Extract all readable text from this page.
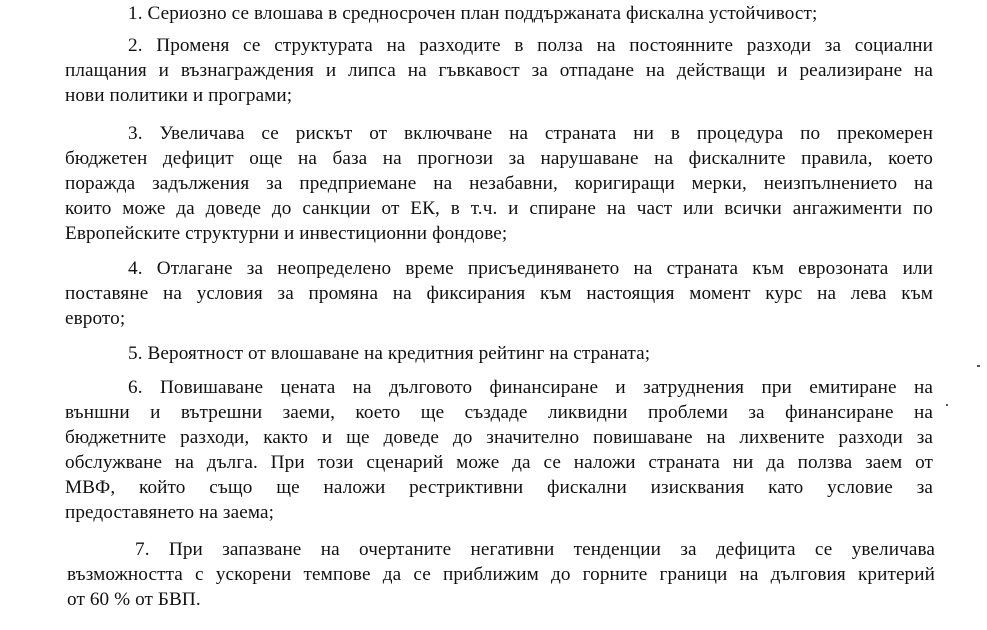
1. Сериозно се влошава в средносрочен план поддържаната фискална устойчивост;
2. Променя се структурата на разходите в полза на постоянните разходи за социални
плащания и възнаграждения и липса на гъвкавост за отпадане на действащи и реализиране на
нови политики и програми;
3. Увеличава се рискът от включване на страната ни в процедура по прекомерен
бюджетен дефицит още на база на прогнози за нарушаване на фискалните правила, което
поражда задължения за предприемане на незабавни, коригиращи мерки, неизпълнението на
които може да доведе до санкции от ЕК, в т.ч. и спиране на част или всички ангажименти по
Европейските структурни и инвестиционни фондове;
4. Отлагане за неопределено време присъединяването на страната към еврозоната или
поставяне на условия за промяна на фиксирания към настоящия момент курс на лева към
еврото;
5. Вероятност от влошаване на кредитния рейтинг на страната;
6. Повишаване цената на дълговото финансиране и затруднения при емитиране на
външни и вътрешни заеми, което ще създаде ликвидни проблеми за финансиране на
бюджетните разходи, както и ще доведе до значително повишаване на лихвените разходи за
обслужване на дълга. При този сценарий може да се наложи страната ни да ползва заем от
МВФ, който също ще наложи рестриктивни фискални изисквания като условие за
предоставянето на заема;
7. При запазване на очертаните негативни тенденции за дефицита се увеличава
възможността с ускорени темпове да се приближим до горните граници на дълговия критерий
от 60 % от БВП.
